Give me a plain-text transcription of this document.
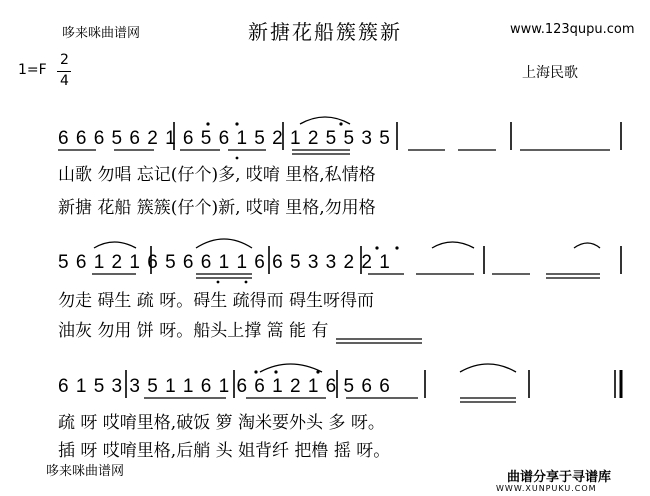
哆来咪曲谱网	新搪花船簇簇新	www.123qupu.com
1=F
2
4	上海民歌
6 6 6 5 6 2 1 6 5 6 1 5 2 1 2 5 5 3 5
山歌 勿唱 忘记(仔个)多, 哎唷 里格,私情格
新搪 花船 簇簇(仔个)新, 哎唷 里格,勿用格
5 6 1 2 1 6 5 6 6 1 1 6 6 5 3 3 2 2 1
勿走 碍生 疏 呀。碍生 疏得而 碍生呀得而
油灰 勿用 饼 呀。船头上撑 篙 能 有
6 1 5 3 3 5 1 1 6 1 6 6 1 2 1 6 5 6 6
疏 呀 哎唷里格,破饭 箩 淘米要外头 多 呀。
插 呀 哎唷里格,后艄 头 姐背纤 把橹 摇 呀。
哆来咪曲谱网	曲谱分享于寻谱库
WWW.XUNPUKU.COM
